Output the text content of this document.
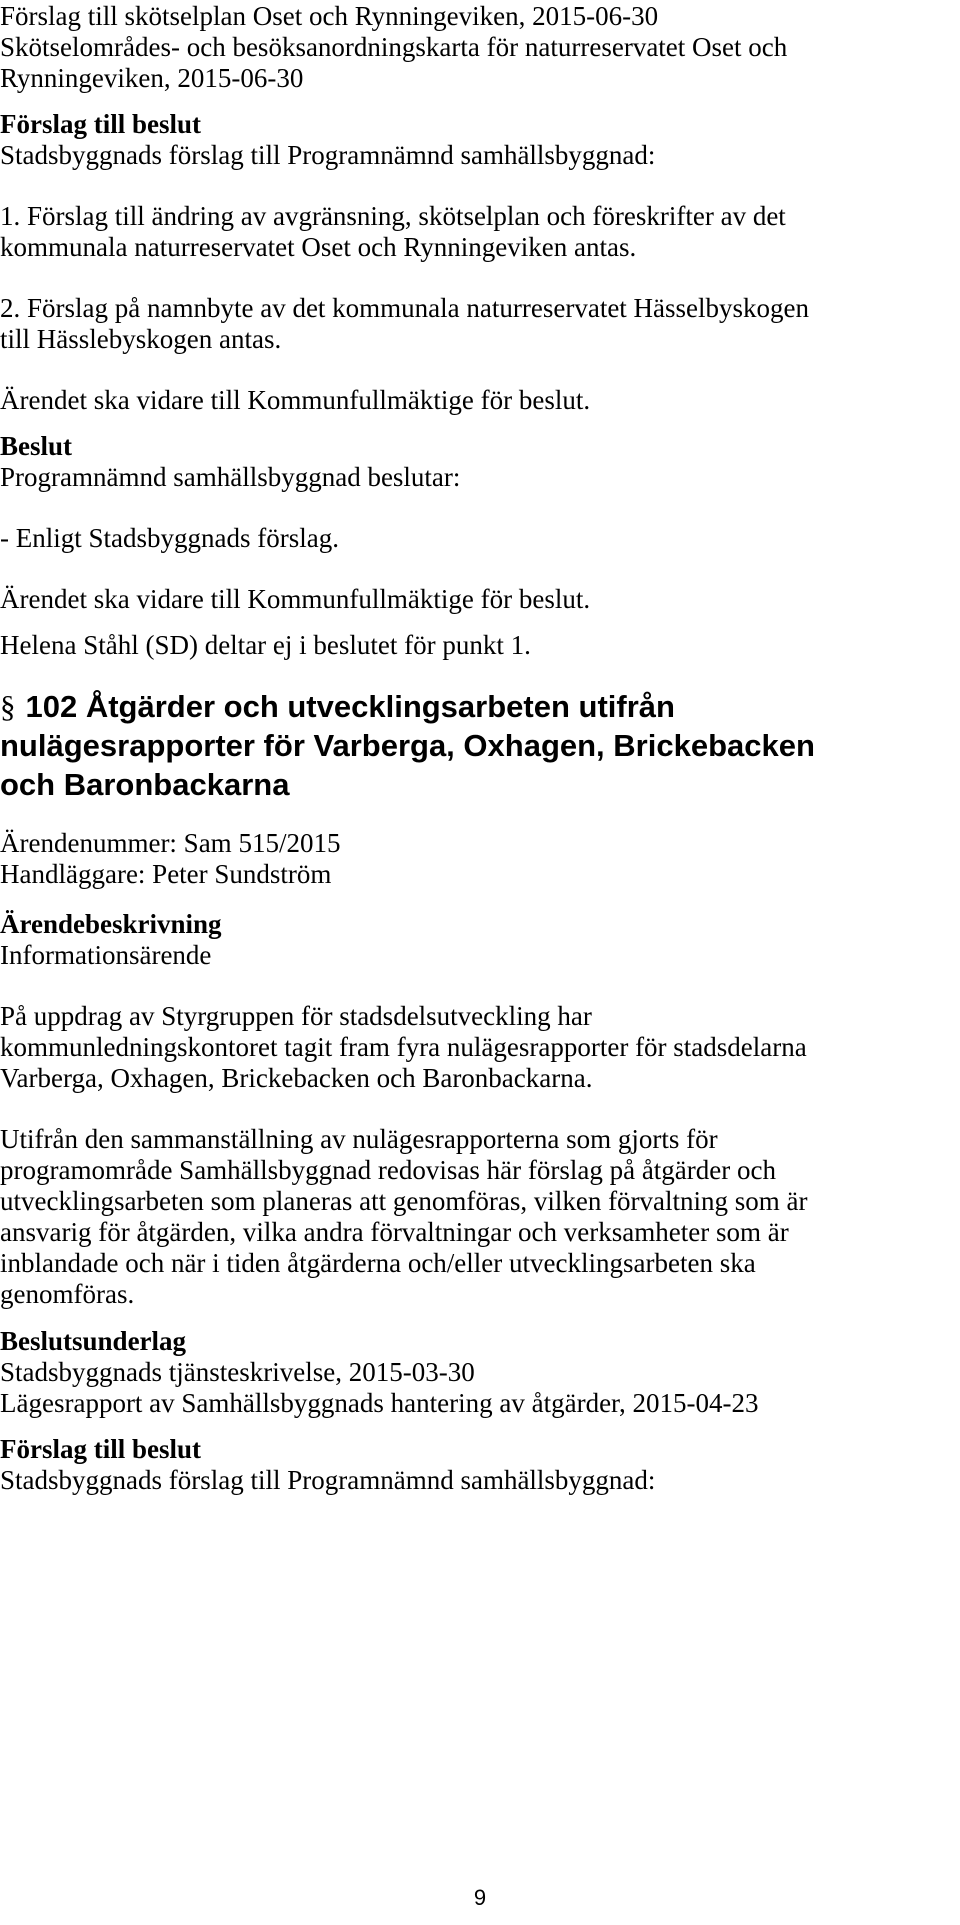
Förslag till skötselplan Oset och Rynningeviken, 2015-06-30

Skötselområdes- och besöksanordningskarta för naturreservatet Oset och

Rynningeviken, 2015-06-30

Förslag till beslut

Stadsbyggnads förslag till Programnämnd samhällsbyggnad:

1. Förslag till ändring av avgränsning, skötselplan och föreskrifter av det

kommunala naturreservatet Oset och Rynningeviken antas.

2. Förslag på namnbyte av det kommunala naturreservatet Hässelbyskogen

till Hässlebyskogen antas.

Ärendet ska vidare till Kommunfullmäktige för beslut.

Beslut

Programnämnd samhällsbyggnad beslutar:

- Enligt Stadsbyggnads förslag.

Ärendet ska vidare till Kommunfullmäktige för beslut.

Helena Ståhl (SD) deltar ej i beslutet för punkt 1.

§ 102 Åtgärder och utvecklingsarbeten utifrån
nulägesrapporter för Varberga, Oxhagen, Brickebacken
och Baronbackarna

Ärendenummer: Sam 515/2015

Handläggare: Peter Sundström

Ärendebeskrivning

Informationsärende

På uppdrag av Styrgruppen för stadsdelsutveckling har

kommunledningskontoret tagit fram fyra nulägesrapporter för stadsdelarna

Varberga, Oxhagen, Brickebacken och Baronbackarna.

Utifrån den sammanställning av nulägesrapporterna som gjorts för

programområde Samhällsbyggnad redovisas här förslag på åtgärder och

utvecklingsarbeten som planeras att genomföras, vilken förvaltning som är

ansvarig för åtgärden, vilka andra förvaltningar och verksamheter som är

inblandade och när i tiden åtgärderna och/eller utvecklingsarbeten ska

genomföras.

Beslutsunderlag

Stadsbyggnads tjänsteskrivelse, 2015-03-30

Lägesrapport av Samhällsbyggnads hantering av åtgärder, 2015-04-23

Förslag till beslut

Stadsbyggnads förslag till Programnämnd samhällsbyggnad:

9
